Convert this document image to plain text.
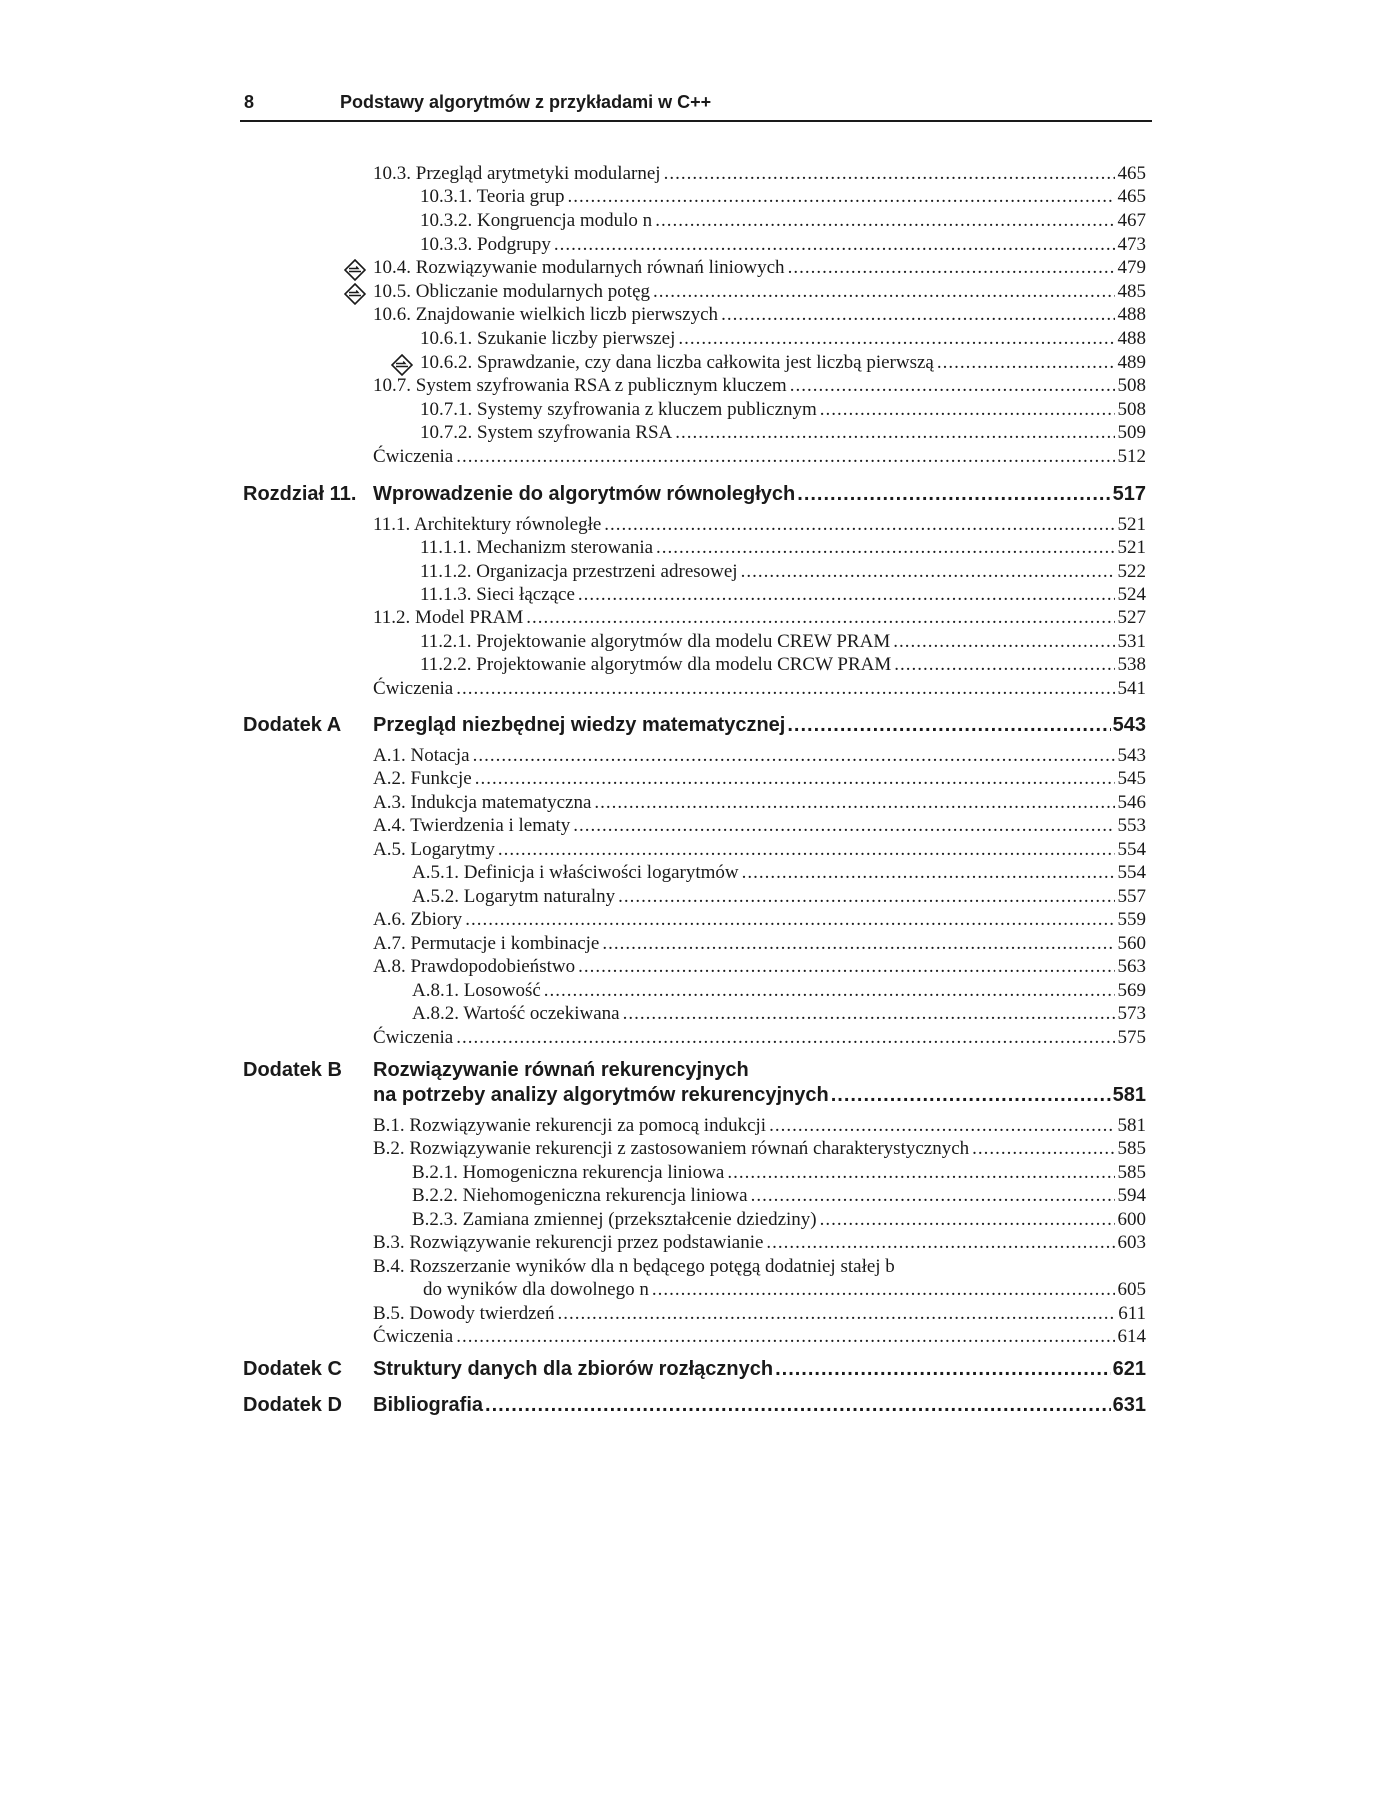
8	Podstawy algorytmów z przykładami w C++
10.3. Przegląd arytmetyki modularnej .....	465
10.3.1. Teoria grup .....	465
10.3.2. Kongruencja modulo n .....	467
10.3.3. Podgrupy .....	473
10.4. Rozwiązywanie modularnych równań liniowych .....	479
10.5. Obliczanie modularnych potęg .....	485
10.6. Znajdowanie wielkich liczb pierwszych .....	488
10.6.1. Szukanie liczby pierwszej .....	488
10.6.2. Sprawdzanie, czy dana liczba całkowita jest liczbą pierwszą .....	489
10.7. System szyfrowania RSA z publicznym kluczem .....	508
10.7.1. Systemy szyfrowania z kluczem publicznym .....	508
10.7.2. System szyfrowania RSA .....	509
Ćwiczenia .....	512
Rozdział 11. Wprowadzenie do algorytmów równoległych .....	517
11.1. Architektury równoległe .....	521
11.1.1. Mechanizm sterowania .....	521
11.1.2. Organizacja przestrzeni adresowej .....	522
11.1.3. Sieci łączące .....	524
11.2. Model PRAM .....	527
11.2.1. Projektowanie algorytmów dla modelu CREW PRAM .....	531
11.2.2. Projektowanie algorytmów dla modelu CRCW PRAM .....	538
Ćwiczenia .....	541
Dodatek A Przegląd niezbędnej wiedzy matematycznej .....	543
A.1. Notacja .....	543
A.2. Funkcje .....	545
A.3. Indukcja matematyczna .....	546
A.4. Twierdzenia i lematy .....	553
A.5. Logarytmy .....	554
A.5.1. Definicja i właściwości logarytmów .....	554
A.5.2. Logarytm naturalny .....	557
A.6. Zbiory .....	559
A.7. Permutacje i kombinacje .....	560
A.8. Prawdopodobieństwo .....	563
A.8.1. Losowość .....	569
A.8.2. Wartość oczekiwana .....	573
Ćwiczenia .....	575
Dodatek B Rozwiązywanie równań rekurencyjnych
na potrzeby analizy algorytmów rekurencyjnych .....	581
B.1. Rozwiązywanie rekurencji za pomocą indukcji .....	581
B.2. Rozwiązywanie rekurencji z zastosowaniem równań charakterystycznych .....	585
B.2.1. Homogeniczna rekurencja liniowa .....	585
B.2.2. Niehomogeniczna rekurencja liniowa .....	594
B.2.3. Zamiana zmiennej (przekształcenie dziedziny) .....	600
B.3. Rozwiązywanie rekurencji przez podstawianie .....	603
B.4. Rozszerzanie wyników dla n będącego potęgą dodatniej stałej b
do wyników dla dowolnego n .....	605
B.5. Dowody twierdzeń .....	611
Ćwiczenia .....	614
Dodatek C Struktury danych dla zbiorów rozłącznych .....	621
Dodatek D Bibliografia .....	631
